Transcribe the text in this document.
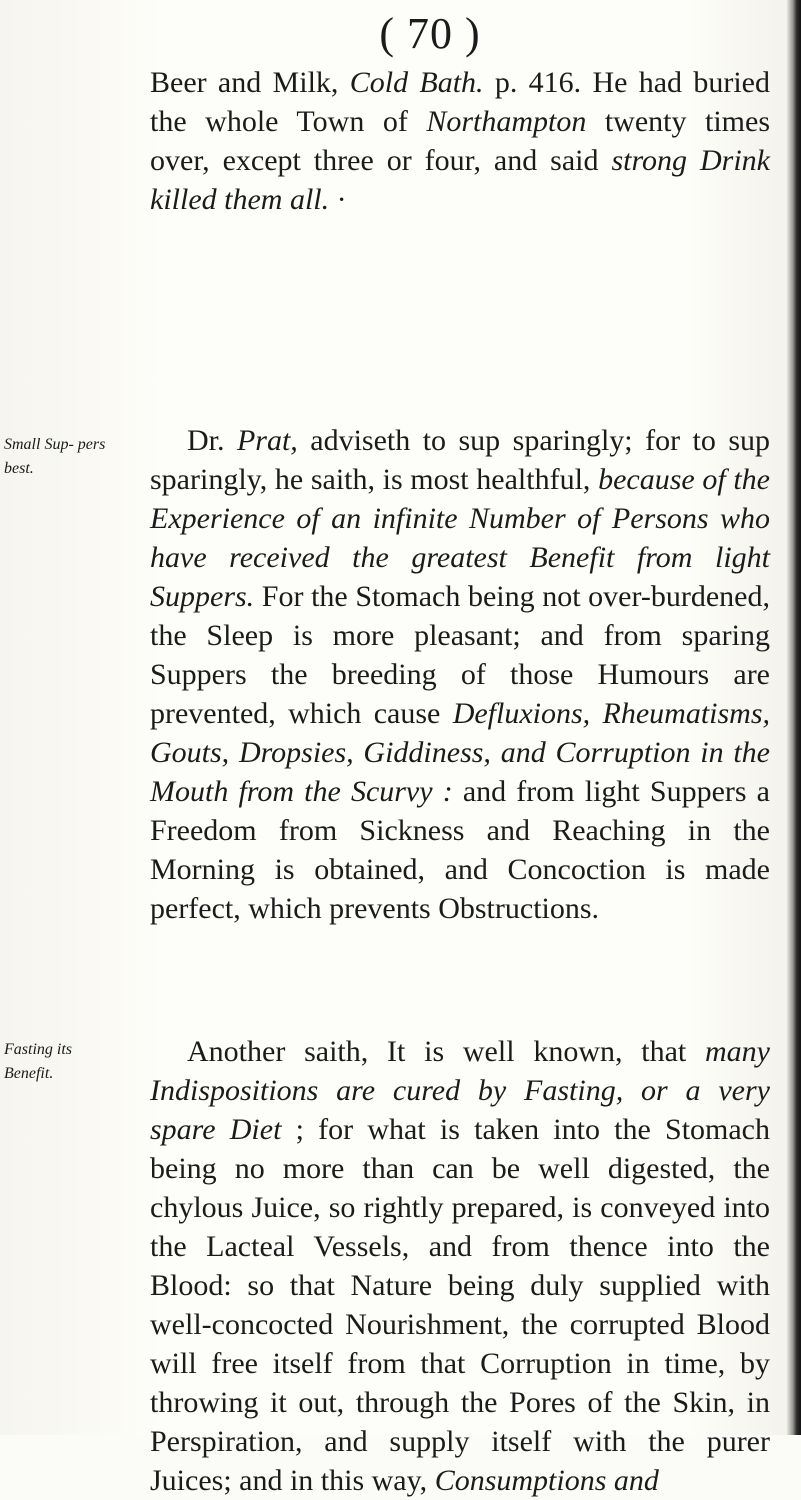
( 70 )

Beer and Milk, Cold Bath. p. 416. He had buried the whole Town of Northampton twenty times over, except three or four, and said strong Drink killed them all. ·

Small Sup- pers best.

Dr. Prat, adviseth to sup sparingly; for to sup sparingly, he saith, is most healthful, because of the Experience of an infinite Number of Persons who have received the greatest Benefit from light Suppers. For the Stomach being not over-burdened, the Sleep is more pleasant; and from sparing Suppers the breeding of those Humours are prevented, which cause Defluxions, Rheumatisms, Gouts, Dropsies, Giddiness, and Corruption in the Mouth from the Scurvy : and from light Suppers a Freedom from Sickness and Reaching in the Morning is obtained, and Concoction is made perfect, which prevents Obstructions.

Fasting its Benefit.

Another saith, It is well known, that many Indispositions are cured by Fasting, or a very spare Diet ; for what is taken into the Stomach being no more than can be well digested, the chylous Juice, so rightly prepared, is conveyed into the Lacteal Vessels, and from thence into the Blood: so that Nature being duly supplied with well-concocted Nourishment, the corrupted Blood will free itself from that Corruption in time, by throwing it out, through the Pores of the Skin, in Perspiration, and supply itself with the purer Juices; and in this way, Consumptions and
